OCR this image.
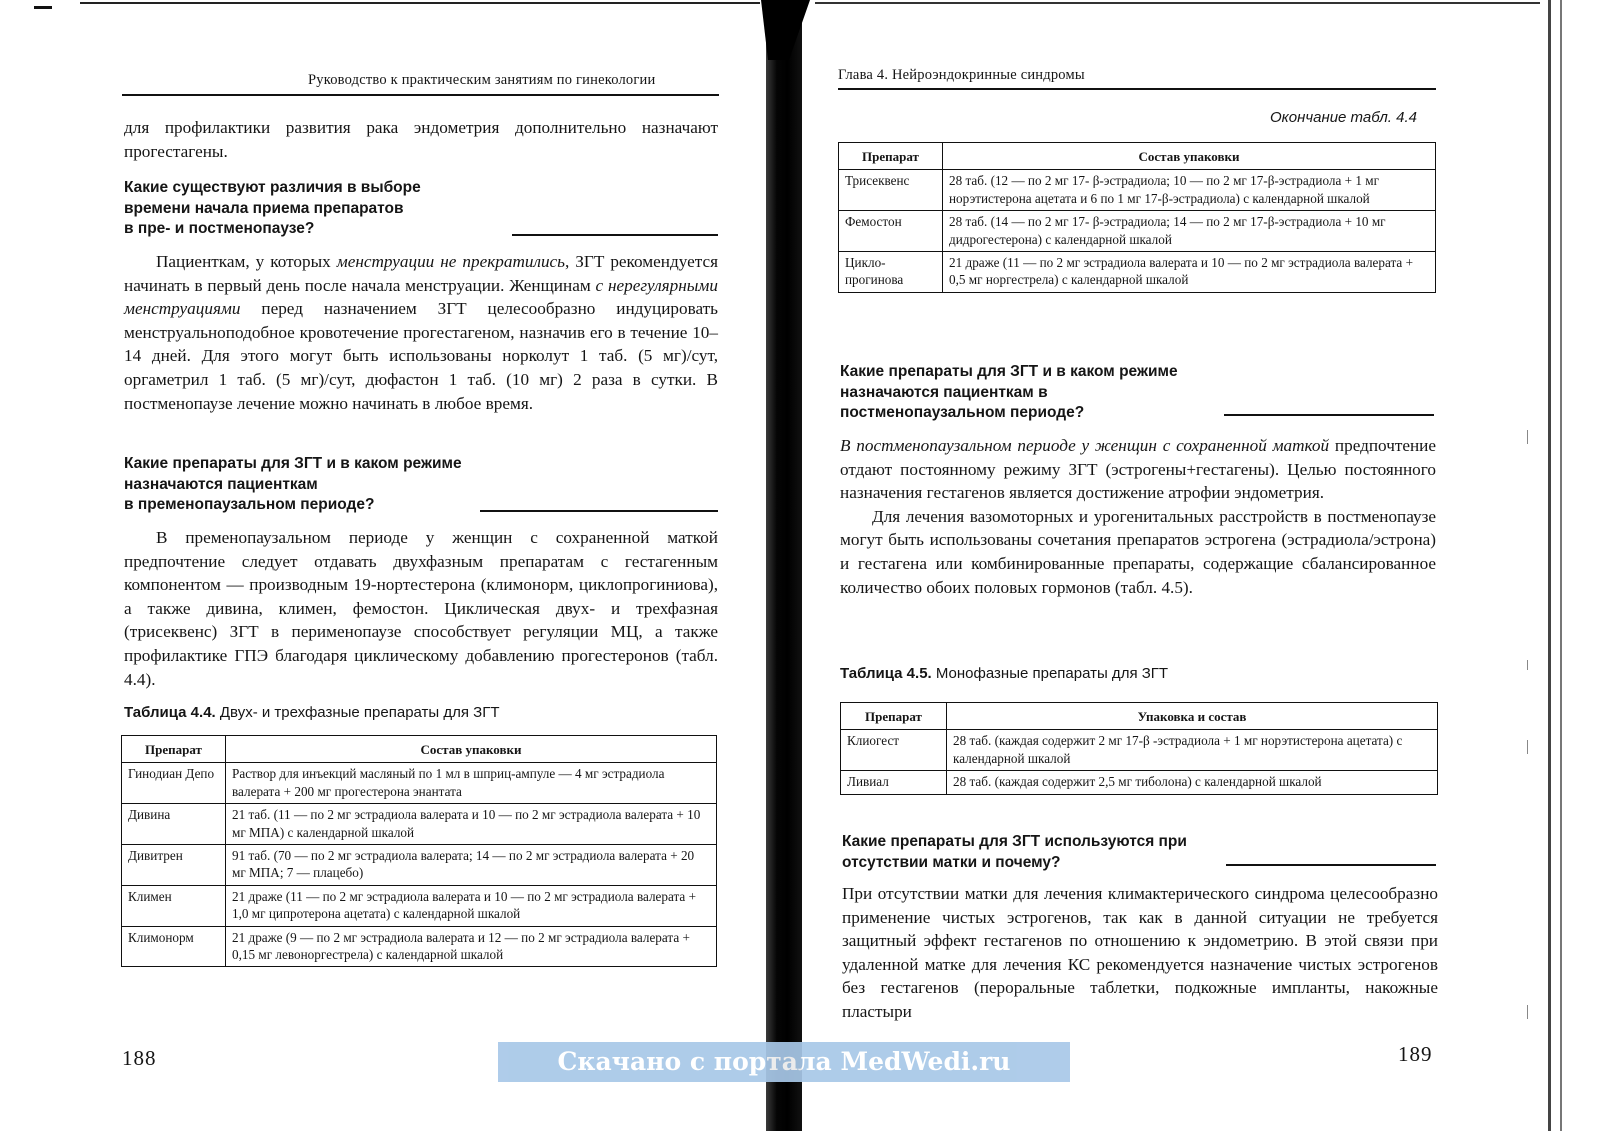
Руководство к практическим занятиям по гинекологии

для профилактики развития рака эндометрия дополнительно назначают прогестагены.

Какие существуют различия в выборе
времени начала приема препаратов
в пре- и постменопаузе?

Пациенткам, у которых менструации не прекратились, ЗГТ рекомендуется начинать в первый день после начала менструации. Женщинам с нерегулярными менструациями перед назначением ЗГТ целесообразно индуцировать менструальноподобное кровотечение прогестагеном, назначив его в течение 10–14 дней. Для этого могут быть использованы норколут 1 таб. (5 мг)/сут, оргаметрил 1 таб. (5 мг)/сут, дюфастон 1 таб. (10 мг) 2 раза в сутки. В постменопаузе лечение можно начинать в любое время.

Какие препараты для ЗГТ и в каком режиме
назначаются пациенткам
в пременопаузальном периоде?

В пременопаузальном периоде у женщин с сохраненной маткой предпочтение следует отдавать двухфазным препаратам с гестагенным компонентом — производным 19-нортестерона (климонорм, циклопрогиниова), а также дивина, климен, фемостон. Циклическая двух- и трехфазная (трисеквенс) ЗГТ в перименопаузе способствует регуляции МЦ, а также профилактике ГПЭ благодаря циклическому добавлению прогестеронов (табл. 4.4).

Таблица 4.4. Двух- и трехфазные препараты для ЗГТ
Препарат	Состав упаковки
Гинодиан Депо	Раствор для инъекций масляный по 1 мл в шприц-ампуле — 4 мг эстрадиола валерата + 200 мг прогестерона энантата
Дивина	21 таб. (11 — по 2 мг эстрадиола валерата и 10 — по 2 мг эстрадиола валерата + 10 мг МПА) с календарной шкалой
Дивитрен	91 таб. (70 — по 2 мг эстрадиола валерата; 14 — по 2 мг эстрадиола валерата + 20 мг МПА; 7 — плацебо)
Климен	21 драже (11 — по 2 мг эстрадиола валерата и 10 — по 2 мг эстрадиола валерата + 1,0 мг ципротерона ацетата) с календарной шкалой
Климонорм	21 драже (9 — по 2 мг эстрадиола валерата и 12 — по 2 мг эстрадиола валерата + 0,15 мг левоноргестрела) с календарной шкалой
188
Глава 4. Нейроэндокринные синдромы
Окончание табл. 4.4
Препарат	Состав упаковки
Трисеквенс	28 таб. (12 — по 2 мг 17- β-эстрадиола; 10 — по 2 мг 17-β-эстрадиола + 1 мг норэтистерона ацетата и 6 по 1 мг 17-β-эстрадиола) с календарной шкалой
Фемостон	28 таб. (14 — по 2 мг 17- β-эстрадиола; 14 — по 2 мг 17-β-эстрадиола + 10 мг дидрогестерона) с календарной шкалой
Цикло- прогинова	21 драже (11 — по 2 мг эстрадиола валерата и 10 — по 2 мг эстрадиола валерата + 0,5 мг норгестрела) с календарной шкалой
Какие препараты для ЗГТ и в каком режиме
назначаются пациенткам в
постменопаузальном периоде?

В постменопаузальном периоде у женщин с сохраненной маткой предпочтение отдают постоянному режиму ЗГТ (эстрогены+гестагены). Целью постоянного назначения гестагенов является достижение атрофии эндометрия.

Для лечения вазомоторных и урогенитальных расстройств в постменопаузе могут быть использованы сочетания препаратов эстрогена (эстрадиола/эстрона) и гестагена или комбинированные препараты, содержащие сбалансированное количество обоих половых гормонов (табл. 4.5).

Таблица 4.5. Монофазные препараты для ЗГТ
Препарат	Упаковка и состав
Клиогест	28 таб. (каждая содержит 2 мг 17-β -эстрадиола + 1 мг норэтистерона ацетата) с календарной шкалой
Ливиал	28 таб. (каждая содержит 2,5 мг тиболона) с календарной шкалой
Какие препараты для ЗГТ используются при
отсутствии матки и почему?

При отсутствии матки для лечения климактерического синдрома целесообразно применение чистых эстрогенов, так как в данной ситуации не требуется защитный эффект гестагенов по отношению к эндометрию. В этой связи при удаленной матке для лечения КС рекомендуется назначение чистых эстрогенов без гестагенов (пероральные таблетки, подкожные импланты, накожные пластыри

189
Скачано с портала MedWedi.ru
